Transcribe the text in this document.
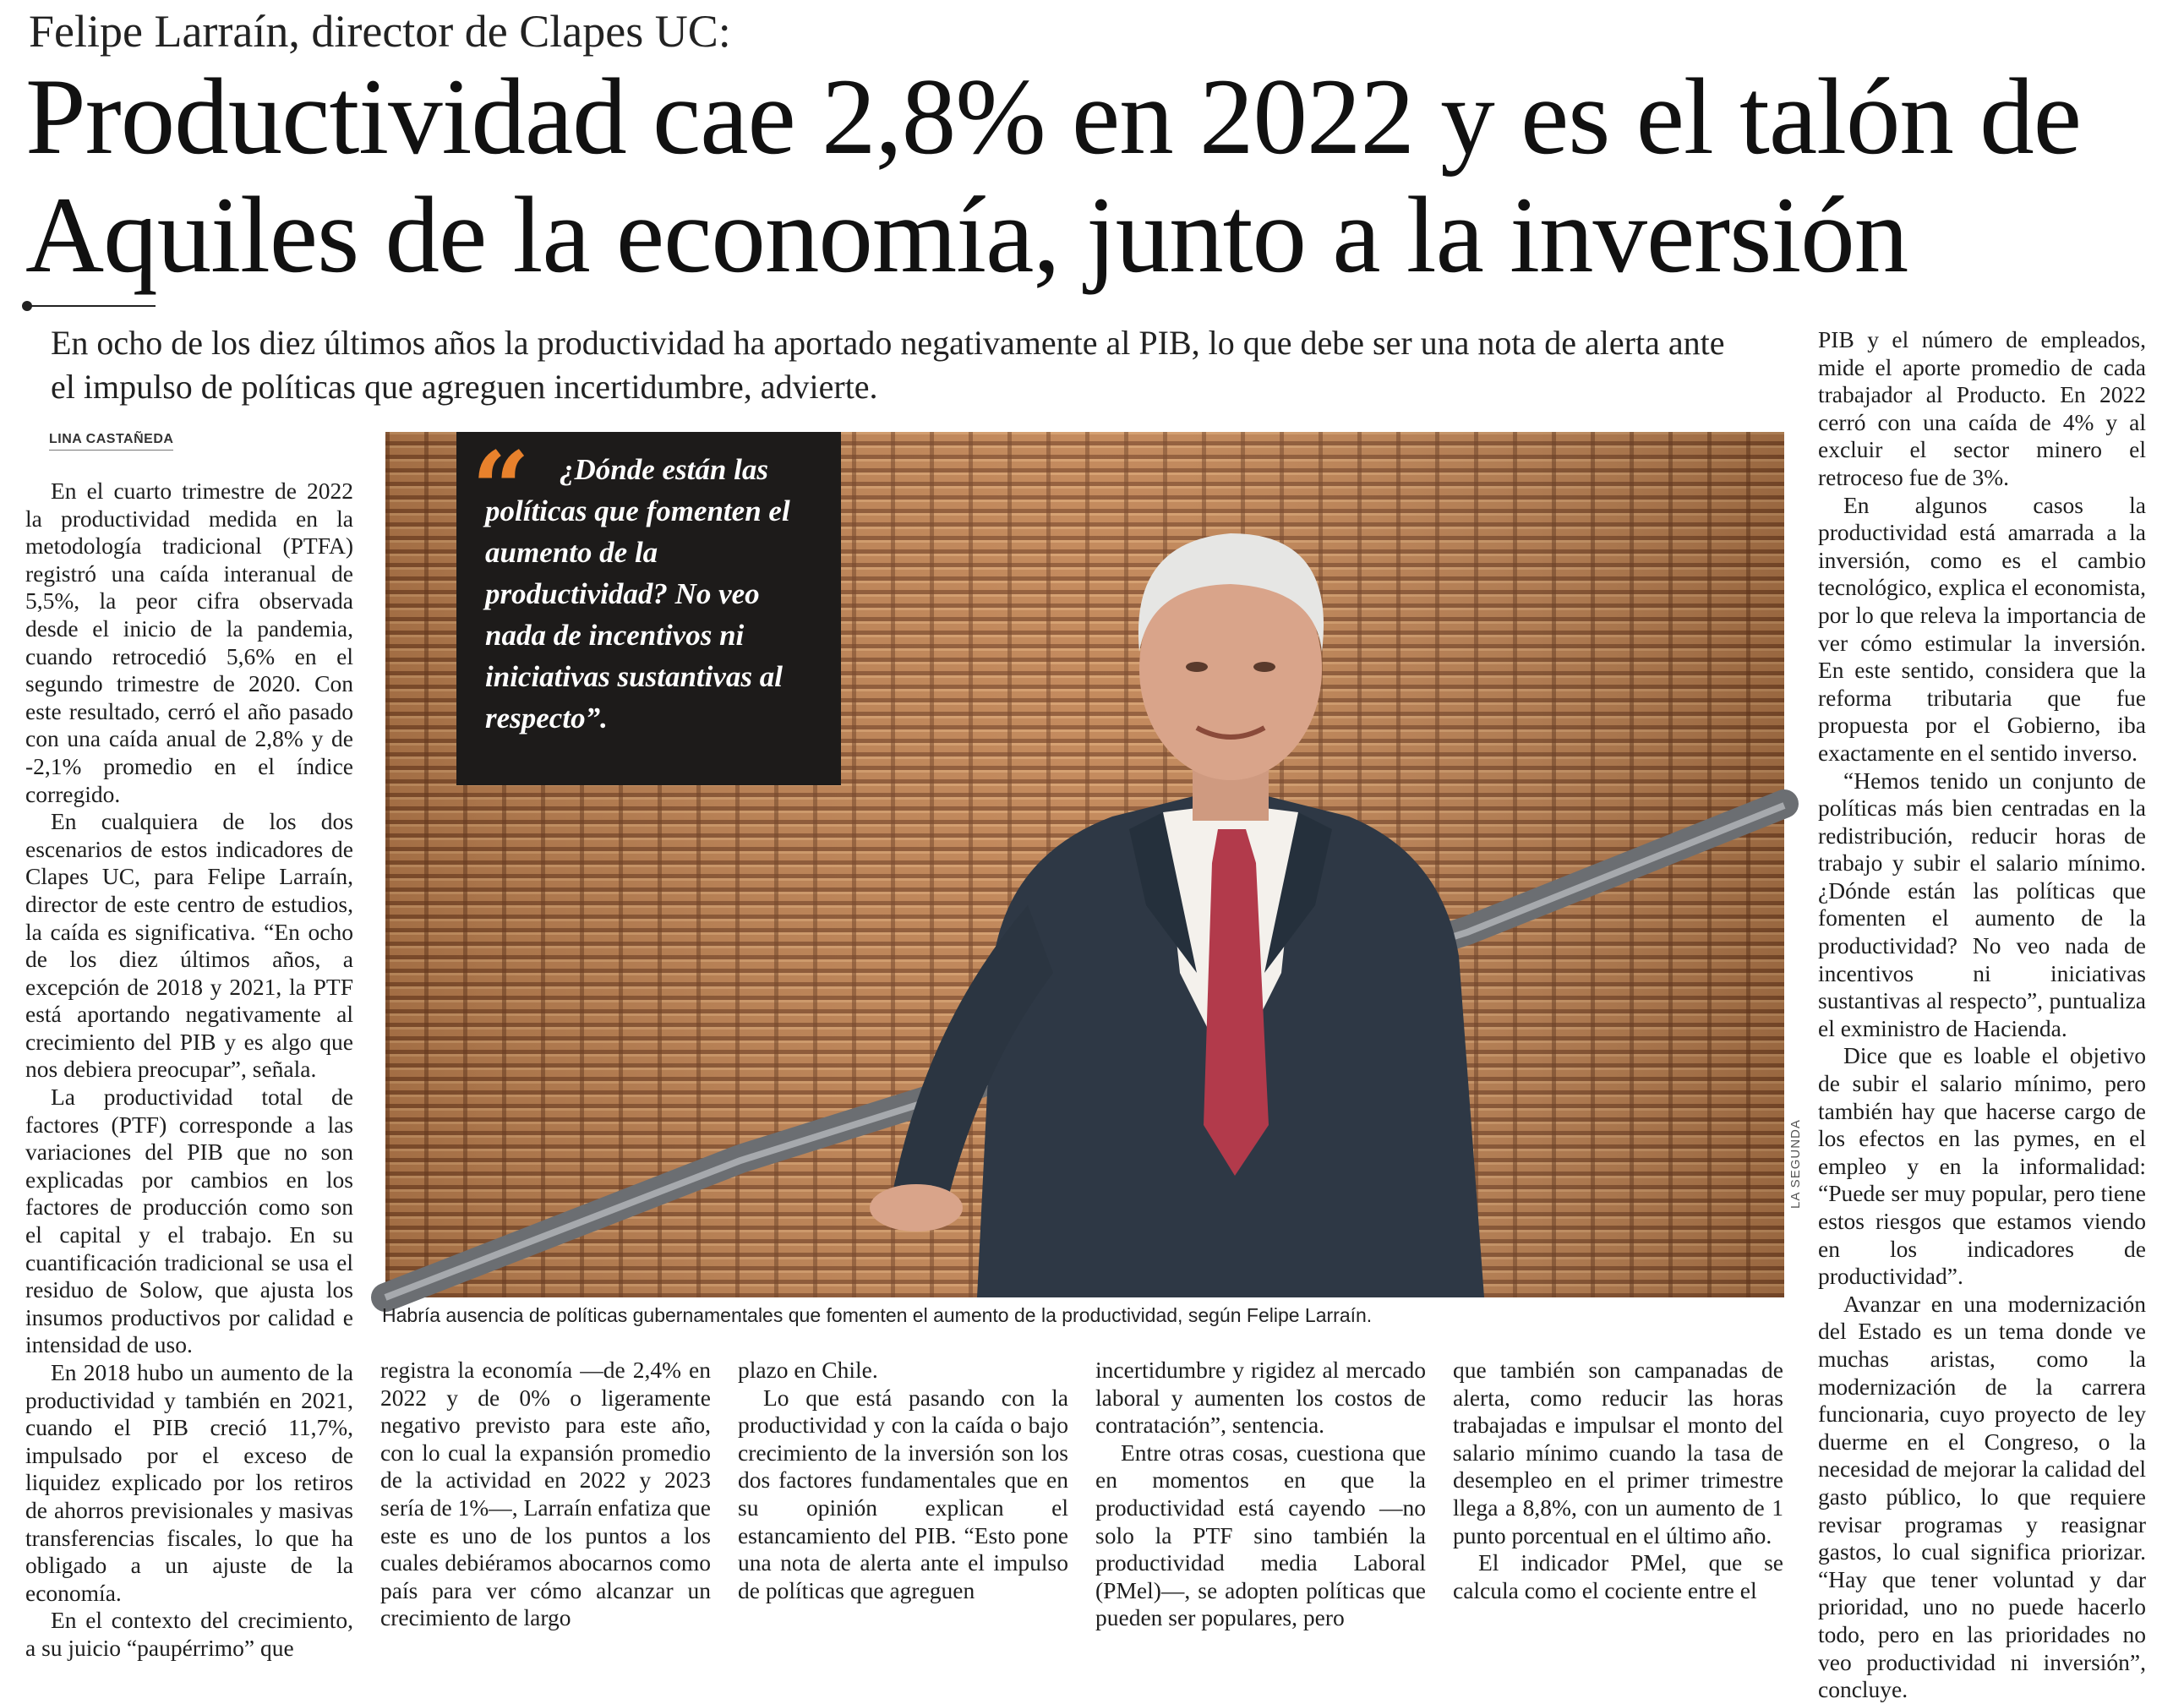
Felipe Larraín, director de Clapes UC:
Productividad cae 2,8% en 2022 y es el talón de Aquiles de la economía, junto a la inversión
En ocho de los diez últimos años la productividad ha aportado negativamente al PIB, lo que debe ser una nota de alerta ante el impulso de políticas que agreguen incertidumbre, advierte.
LINA CASTAÑEDA

En el cuarto trimestre de 2022 la productividad medida en la metodología tradicional (PTFA) registró una caída interanual de 5,5%, la peor cifra observada desde el inicio de la pandemia, cuando retrocedió 5,6% en el segundo trimestre de 2020. Con este resultado, cerró el año pasado con una caída anual de 2,8% y de -2,1% promedio en el índice corregido.

En cualquiera de los dos escenarios de estos indicadores de Clapes UC, para Felipe Larraín, director de este centro de estudios, la caída es significativa. “En ocho de los diez últimos años, a excepción de 2018 y 2021, la PTF está aportando negativamente al crecimiento del PIB y es algo que nos debiera preocupar”, señala.

La productividad total de factores (PTF) corresponde a las variaciones del PIB que no son explicadas por cambios en los factores de producción como son el capital y el trabajo. En su cuantificación tradicional se usa el residuo de Solow, que ajusta los insumos productivos por calidad e intensidad de uso.

En 2018 hubo un aumento de la productividad y también en 2021, cuando el PIB creció 11,7%, impulsado por el exceso de liquidez explicado por los retiros de ahorros previsionales y masivas transferencias fiscales, lo que ha obligado a un ajuste de la economía.

En el contexto del crecimiento, a su juicio “paupérrimo” que

LA SEGUNDA
“ ¿Dónde están las políticas que fomenten el aumento de la productividad? No veo nada de incentivos ni iniciativas sustantivas al respecto”.
Habría ausencia de políticas gubernamentales que fomenten el aumento de la productividad, según Felipe Larraín.

registra la economía —de 2,4% en 2022 y de 0% o ligeramente negativo previsto para este año, con lo cual la expansión promedio de la actividad en 2022 y 2023 sería de 1%—, Larraín enfatiza que este es uno de los puntos a los cuales debiéramos abocarnos como país para ver cómo alcanzar un crecimiento de largo

plazo en Chile.

Lo que está pasando con la productividad y con la caída o bajo crecimiento de la inversión son los dos factores fundamentales que en su opinión explican el estancamiento del PIB. “Esto pone una nota de alerta ante el impulso de políticas que agreguen

incertidumbre y rigidez al mercado laboral y aumenten los costos de contratación”, sentencia.

Entre otras cosas, cuestiona que en momentos en que la productividad está cayendo —no solo la PTF sino también la productividad media Laboral (PMel)—, se adopten políticas que pueden ser populares, pero

que también son campanadas de alerta, como reducir las horas trabajadas e impulsar el monto del salario mínimo cuando la tasa de desempleo en el primer trimestre llega a 8,8%, con un aumento de 1 punto porcentual en el último año.

El indicador PMel, que se calcula como el cociente entre el

PIB y el número de empleados, mide el aporte promedio de cada trabajador al Producto. En 2022 cerró con una caída de 4% y al excluir el sector minero el retroceso fue de 3%.

En algunos casos la productividad está amarrada a la inversión, como es el cambio tecnológico, explica el economista, por lo que releva la importancia de ver cómo estimular la inversión. En este sentido, considera que la reforma tributaria que fue propuesta por el Gobierno, iba exactamente en el sentido inverso.

“Hemos tenido un conjunto de políticas más bien centradas en la redistribución, reducir horas de trabajo y subir el salario mínimo. ¿Dónde están las políticas que fomenten el aumento de la productividad? No veo nada de incentivos ni iniciativas sustantivas al respecto”, puntualiza el exministro de Hacienda.

Dice que es loable el objetivo de subir el salario mínimo, pero también hay que hacerse cargo de los efectos en las pymes, en el empleo y en la informalidad: “Puede ser muy popular, pero tiene estos riesgos que estamos viendo en los indicadores de productividad”.

Avanzar en una modernización del Estado es un tema donde ve muchas aristas, como la modernización de la carrera funcionaria, cuyo proyecto de ley duerme en el Congreso, o la necesidad de mejorar la calidad del gasto público, lo que requiere revisar programas y reasignar gastos, lo cual significa priorizar. “Hay que tener voluntad y dar prioridad, uno no puede hacerlo todo, pero en las prioridades no veo productividad ni inversión”, concluye.
